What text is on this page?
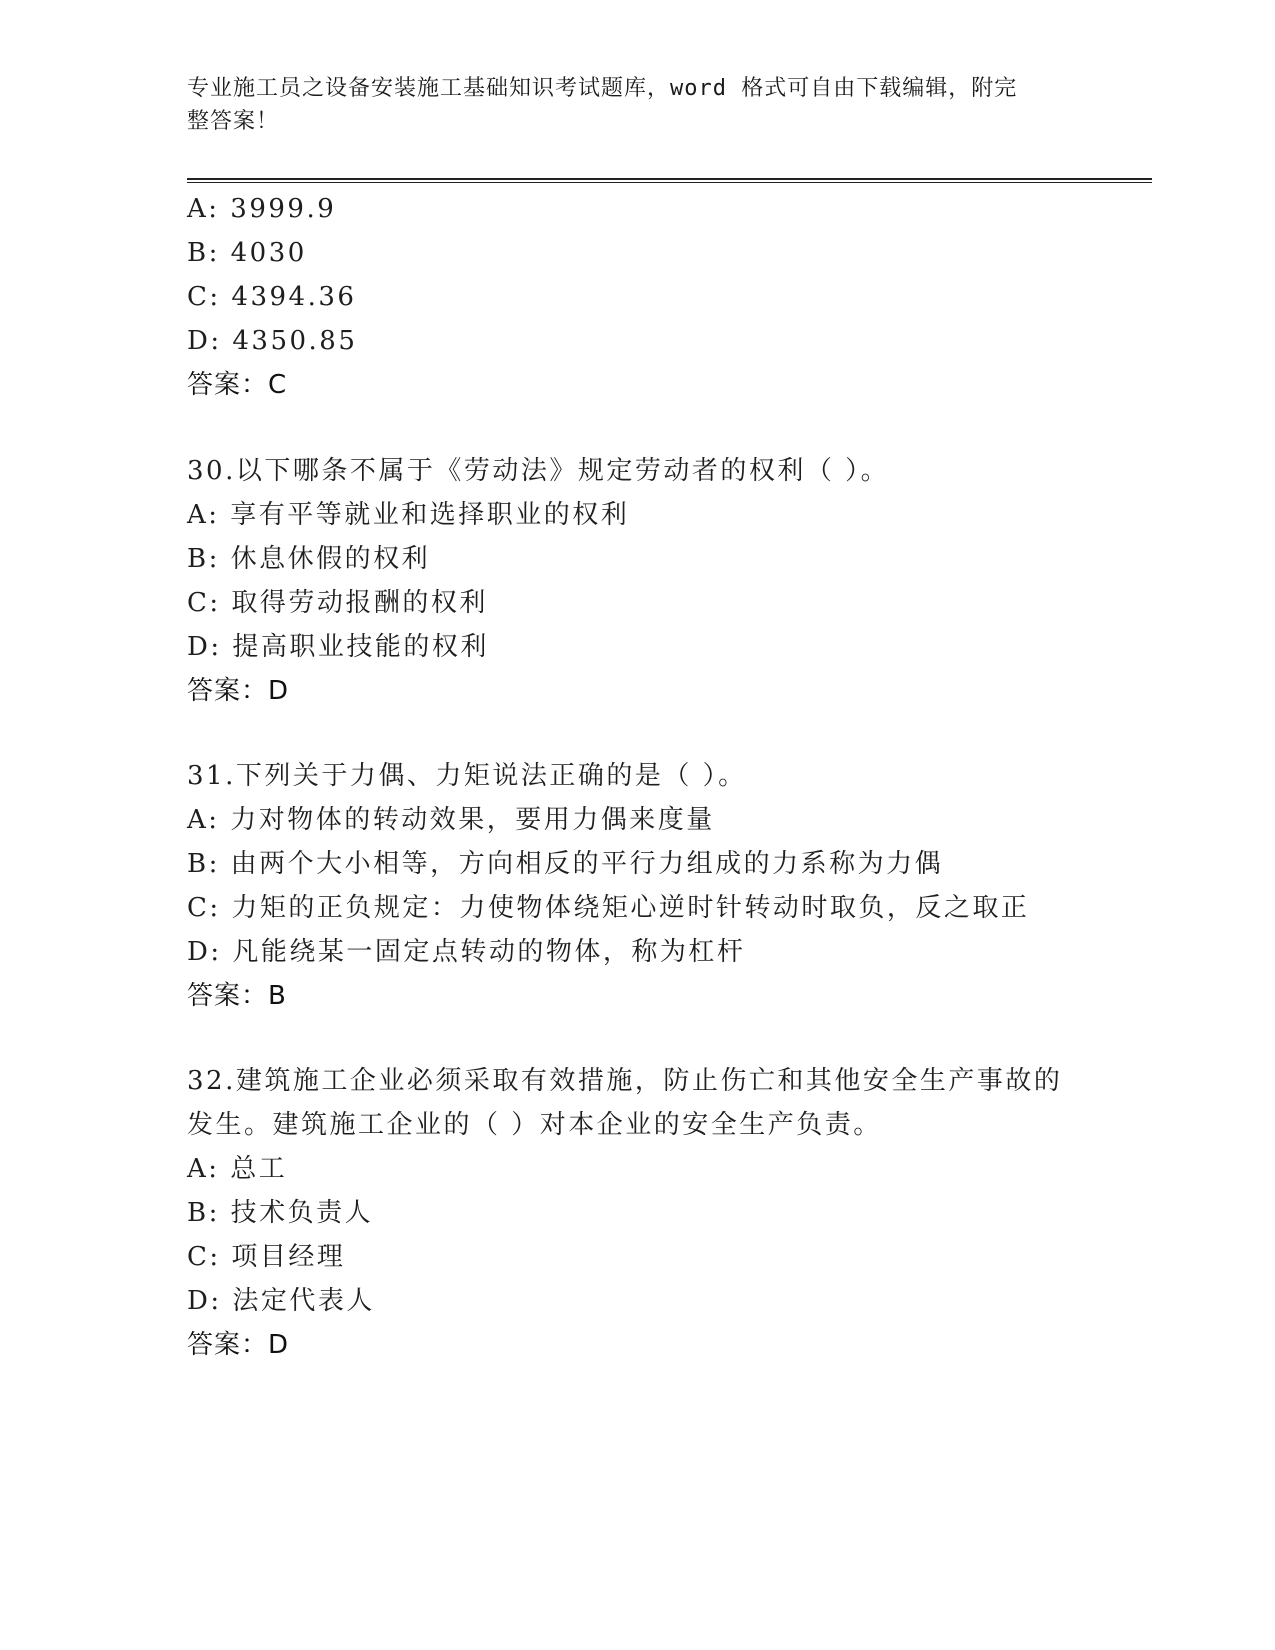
专业施工员之设备安装施工基础知识考试题库，word 格式可自由下载编辑，附完
整答案！
A: 3999.9
B: 4030
C: 4394.36
D: 4350.85
答案：C
30.以下哪条不属于《劳动法》规定劳动者的权利（ ）。
A: 享有平等就业和选择职业的权利
B: 休息休假的权利
C: 取得劳动报酬的权利
D: 提高职业技能的权利
答案：D
31.下列关于力偶、力矩说法正确的是（ ）。
A: 力对物体的转动效果，要用力偶来度量
B: 由两个大小相等，方向相反的平行力组成的力系称为力偶
C: 力矩的正负规定：力使物体绕矩心逆时针转动时取负，反之取正
D: 凡能绕某一固定点转动的物体，称为杠杆
答案：B
32.建筑施工企业必须采取有效措施，防止伤亡和其他安全生产事故的
发生。建筑施工企业的（ ）对本企业的安全生产负责。
A: 总工
B: 技术负责人
C: 项目经理
D: 法定代表人
答案：D
